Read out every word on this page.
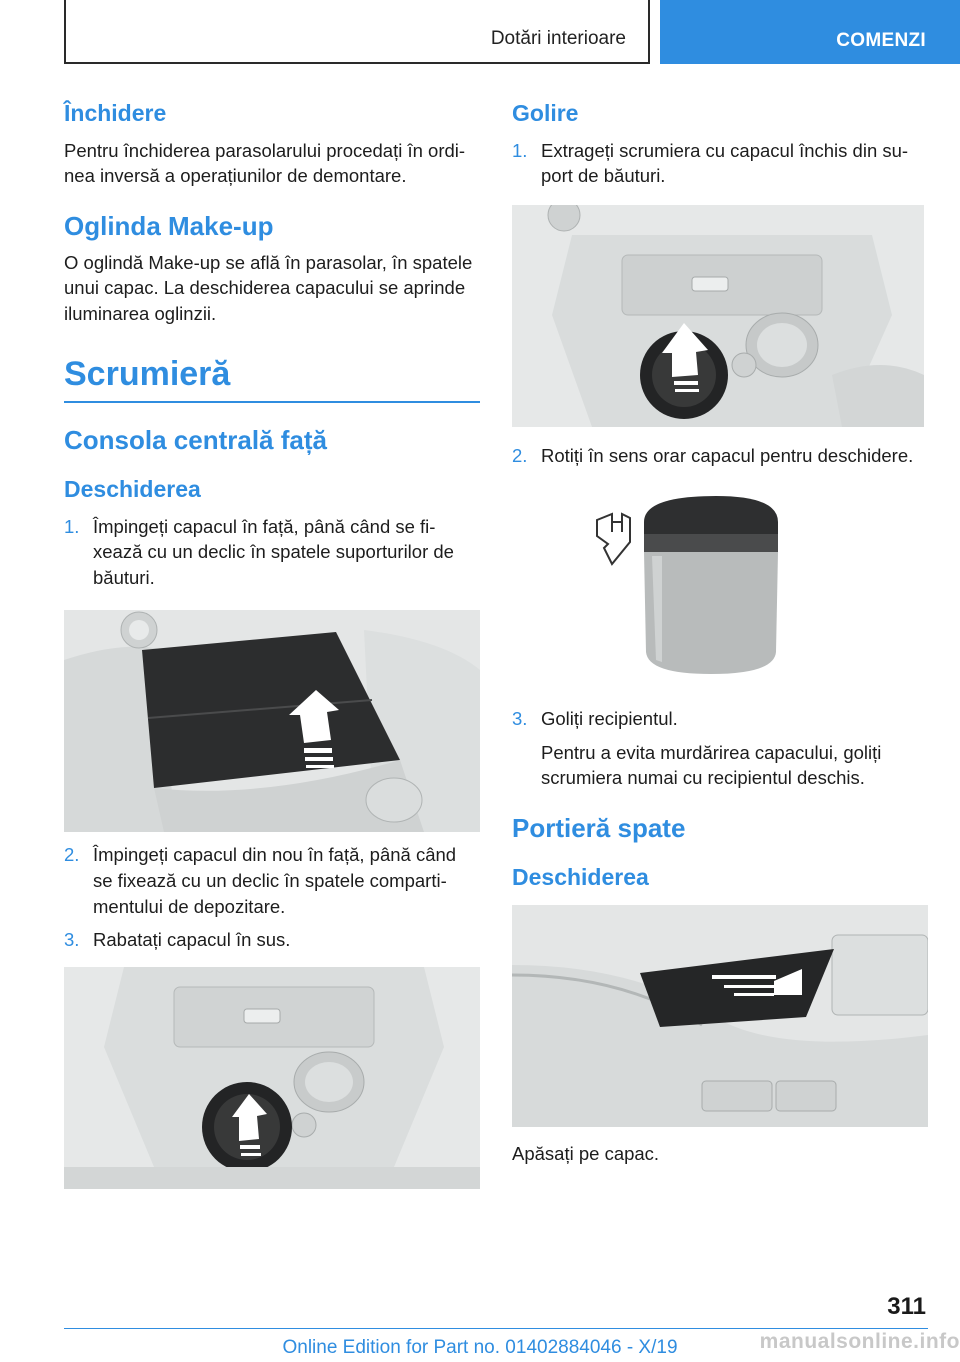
Dotări interioare	COMENZI
Închidere
Pentru închiderea parasolarului procedați în ordi-nea inversă a operațiunilor de demontare.
Oglinda Make-up
O oglindă Make-up se află în parasolar, în spatele unui capac. La deschiderea capacului se aprinde iluminarea oglinzii.
Scrumieră
Consola centrală față
Deschiderea
1. Împingeți capacul în față, până când se fi-xează cu un declic în spatele suporturilor de băuturi.
2. Împingeți capacul din nou în față, până când se fixează cu un declic în spatele comparti-mentului de depozitare.
3. Rabatați capacul în sus.
Golire
1. Extrageți scrumiera cu capacul închis din su-port de băuturi.
2. Rotiți în sens orar capacul pentru deschidere.
3. Goliți recipientul.
Pentru a evita murdărirea capacului, goliți scrumiera numai cu recipientul deschis.
Portieră spate
Deschiderea
Apăsați pe capac.
311
Online Edition for Part no. 01402884046 - X/19	manualsonline.info
